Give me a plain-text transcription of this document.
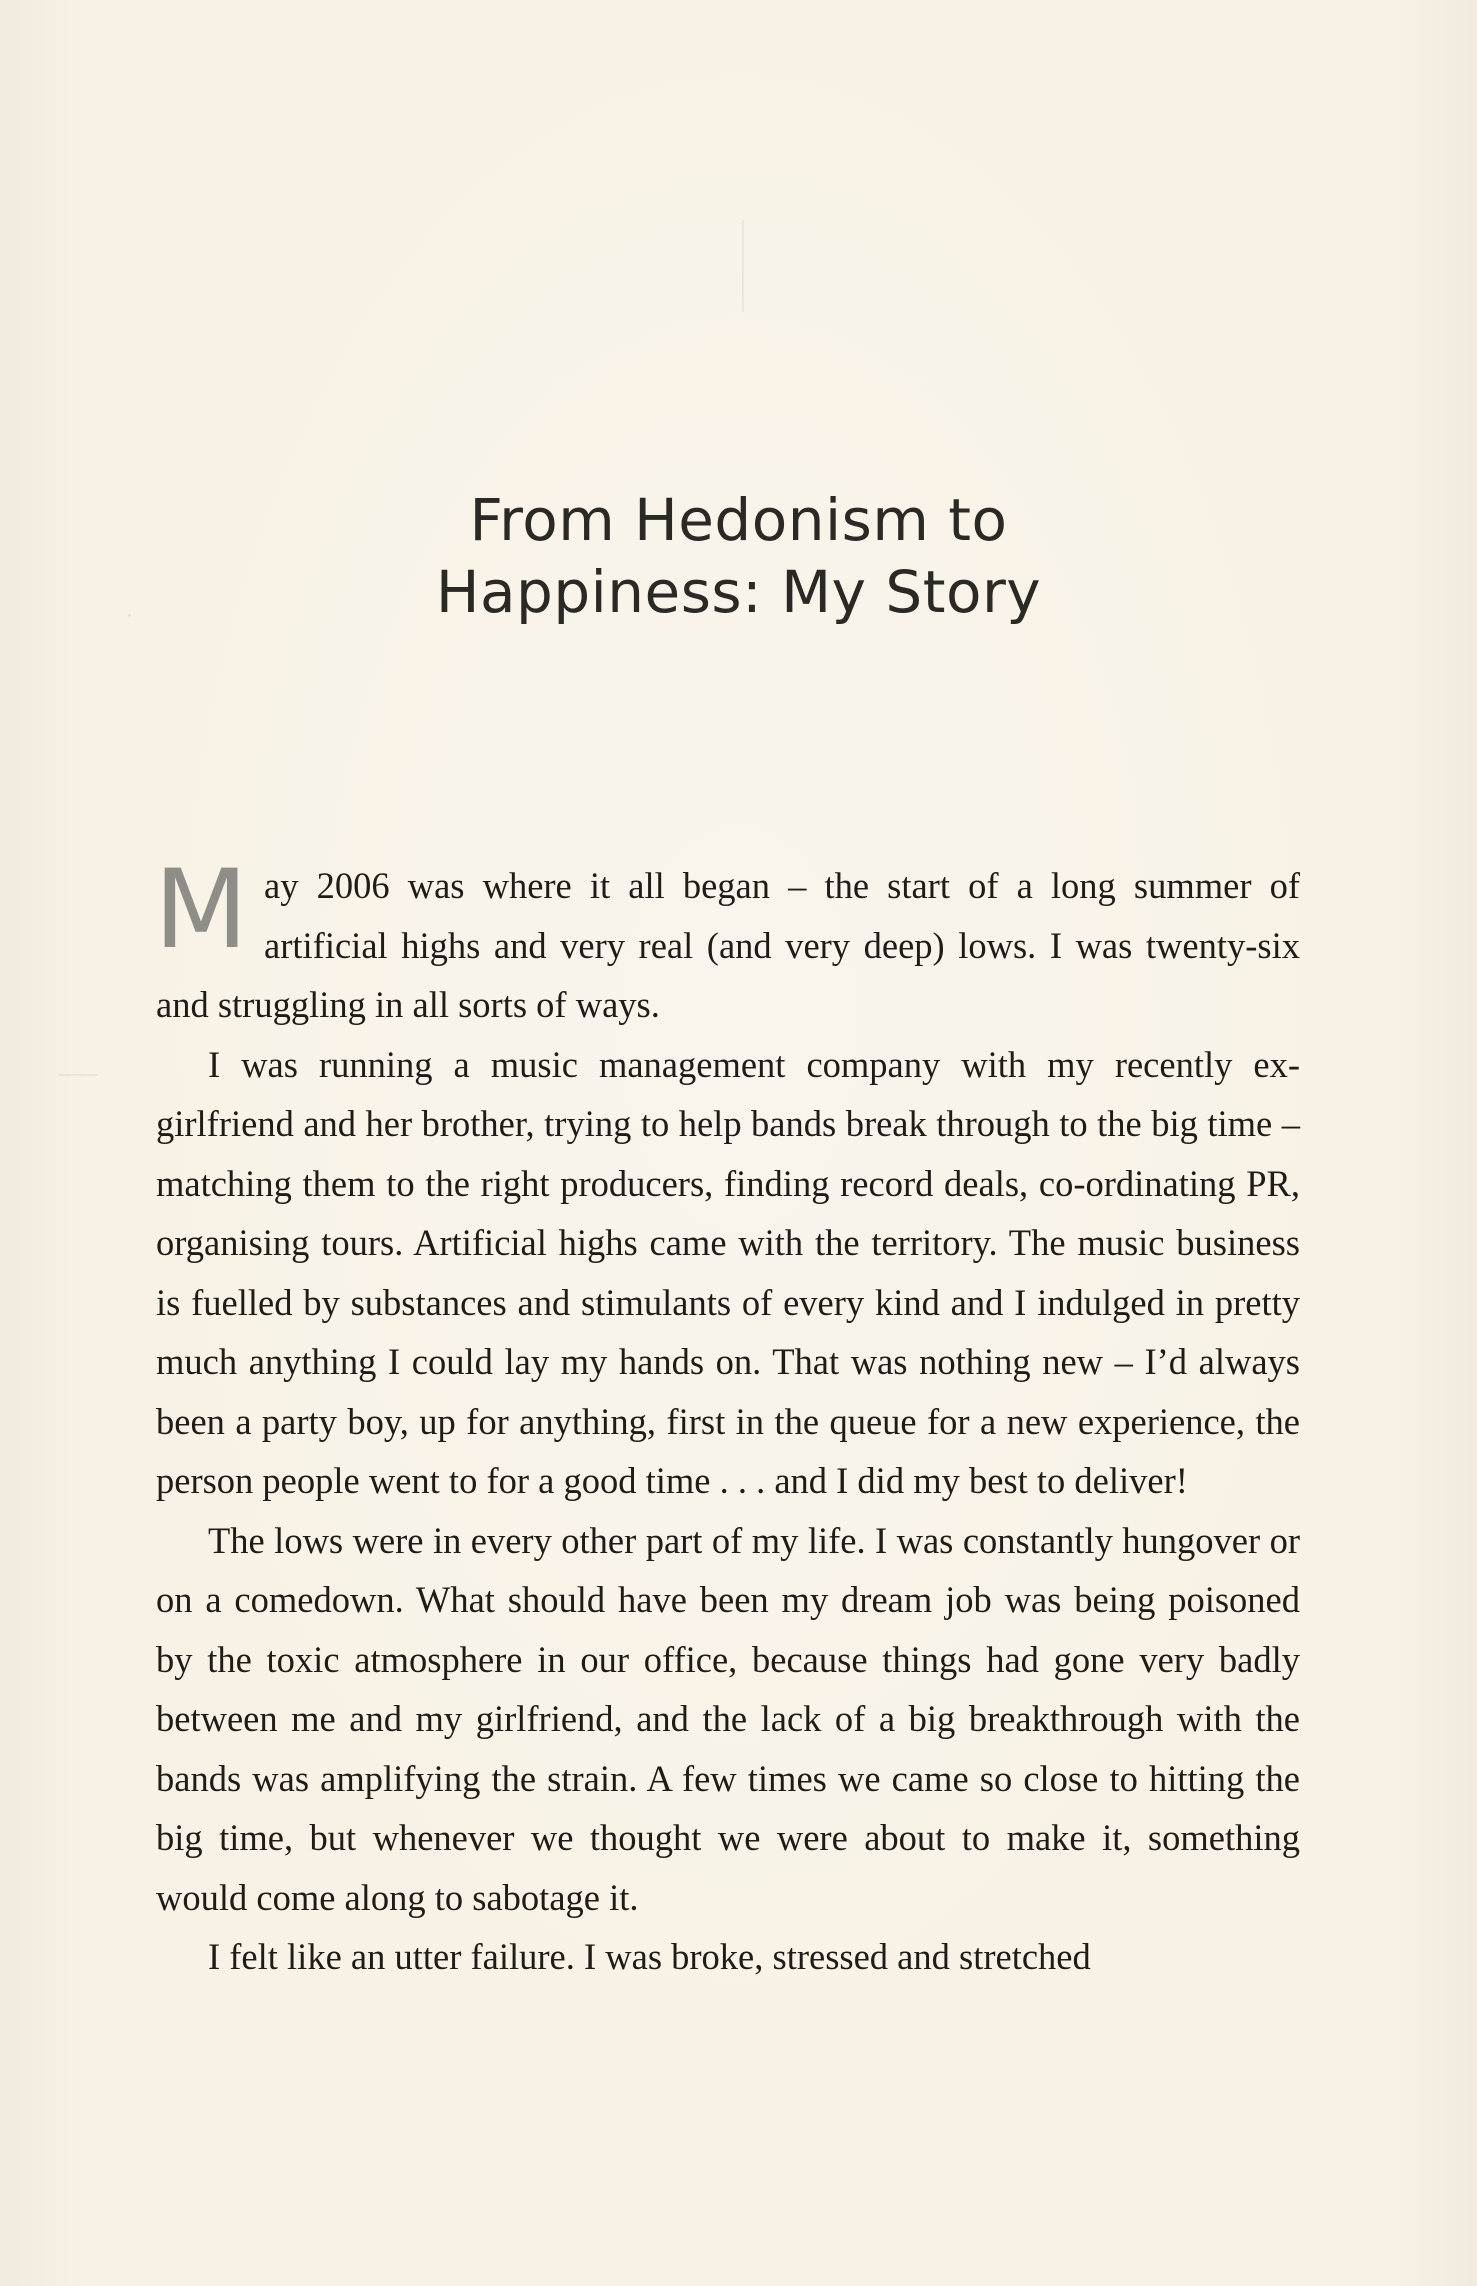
From Hedonism to
Happiness: My Story

May 2006 was where it all began – the start of a long summer of artificial highs and very real (and very deep) lows. I was twenty-six and struggling in all sorts of ways.

I was running a music management company with my recently ex-girlfriend and her brother, trying to help bands break through to the big time – matching them to the right producers, finding record deals, co-ordinating PR, organising tours. Artificial highs came with the territory. The music business is fuelled by substances and stimulants of every kind and I indulged in pretty much anything I could lay my hands on. That was nothing new – I’d always been a party boy, up for anything, first in the queue for a new experience, the person people went to for a good time . . . and I did my best to deliver!

The lows were in every other part of my life. I was constantly hungover or on a comedown. What should have been my dream job was being poisoned by the toxic atmosphere in our office, because things had gone very badly between me and my girlfriend, and the lack of a big breakthrough with the bands was amplifying the strain. A few times we came so close to hitting the big time, but whenever we thought we were about to make it, something would come along to sabotage it.

I felt like an utter failure. I was broke, stressed and stretched
